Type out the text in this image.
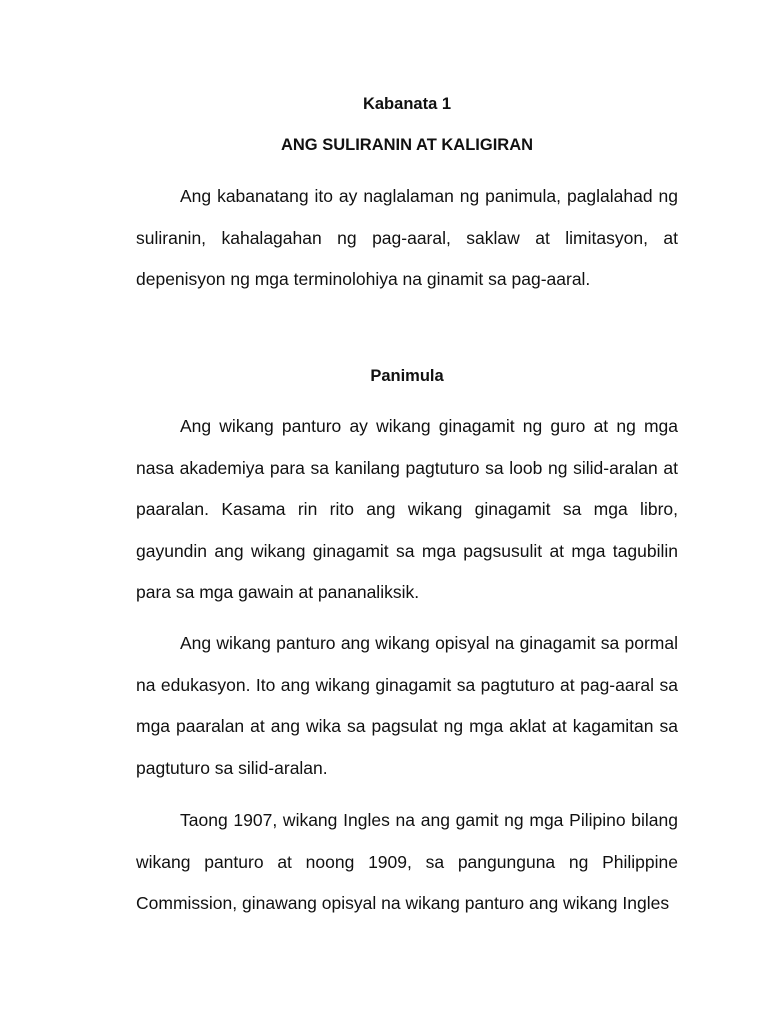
Kabanata 1

ANG SULIRANIN AT KALIGIRAN

Ang kabanatang ito ay naglalaman ng panimula, paglalahad ng suliranin, kahalagahan ng pag-aaral, saklaw at limitasyon, at depenisyon ng mga terminolohiya na ginamit sa pag-aaral.

Panimula

Ang wikang panturo ay wikang ginagamit ng guro at ng mga nasa akademiya para sa kanilang pagtuturo sa loob ng silid-aralan at paaralan. Kasama rin rito ang wikang ginagamit sa mga libro, gayundin ang wikang ginagamit sa mga pagsusulit at mga tagubilin para sa mga gawain at pananaliksik.

Ang wikang panturo ang wikang opisyal na ginagamit sa pormal na edukasyon. Ito ang wikang ginagamit sa pagtuturo at pag-aaral sa mga paaralan at ang wika sa pagsulat ng mga aklat at kagamitan sa pagtuturo sa silid-aralan.

Taong 1907, wikang Ingles na ang gamit ng mga Pilipino bilang wikang panturo at noong 1909, sa pangunguna ng Philippine Commission, ginawang opisyal na wikang panturo ang wikang Ingles
